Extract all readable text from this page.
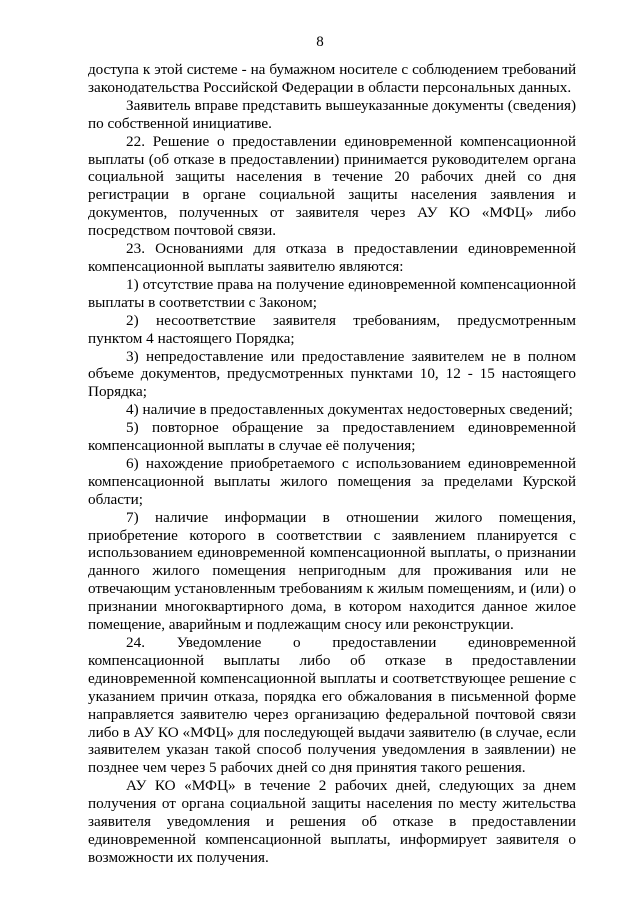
8
доступа к этой системе - на бумажном носителе с соблюдением требований
законодательства Российской Федерации в области персональных данных.
Заявитель вправе представить вышеуказанные документы (сведения)
по собственной инициативе.
22. Решение о предоставлении единовременной компенсационной
выплаты (об отказе в предоставлении) принимается руководителем органа
социальной защиты населения в течение 20 рабочих дней со дня
регистрации в органе социальной защиты населения заявления и
документов, полученных от заявителя через АУ КО «МФЦ» либо
посредством почтовой связи.
23. Основаниями для отказа в предоставлении единовременной
компенсационной выплаты заявителю являются:
1) отсутствие права на получение единовременной компенсационной
выплаты в соответствии с Законом;
2) несоответствие заявителя требованиям, предусмотренным
пунктом 4 настоящего Порядка;
3) непредоставление или предоставление заявителем не в полном
объеме документов, предусмотренных пунктами 10, 12 - 15 настоящего
Порядка;
4) наличие в предоставленных документах недостоверных сведений;
5) повторное обращение за предоставлением единовременной
компенсационной выплаты в случае её получения;
6) нахождение приобретаемого с использованием единовременной
компенсационной выплаты жилого помещения за пределами Курской
области;
7) наличие информации в отношении жилого помещения,
приобретение которого в соответствии с заявлением планируется с
использованием единовременной компенсационной выплаты, о признании
данного жилого помещения непригодным для проживания или не
отвечающим установленным требованиям к жилым помещениям, и (или) о
признании многоквартирного дома, в котором находится данное жилое
помещение, аварийным и подлежащим сносу или реконструкции.
24. Уведомление о предоставлении единовременной
компенсационной выплаты либо об отказе в предоставлении
единовременной компенсационной выплаты и соответствующее решение с
указанием причин отказа, порядка его обжалования в письменной форме
направляется заявителю через организацию федеральной почтовой связи
либо в АУ КО «МФЦ» для последующей выдачи заявителю (в случае, если
заявителем указан такой способ получения уведомления в заявлении) не
позднее чем через 5 рабочих дней со дня принятия такого решения.
АУ КО «МФЦ» в течение 2 рабочих дней, следующих за днем
получения от органа социальной защиты населения по месту жительства
заявителя уведомления и решения об отказе в предоставлении
единовременной компенсационной выплаты, информирует заявителя о
возможности их получения.
